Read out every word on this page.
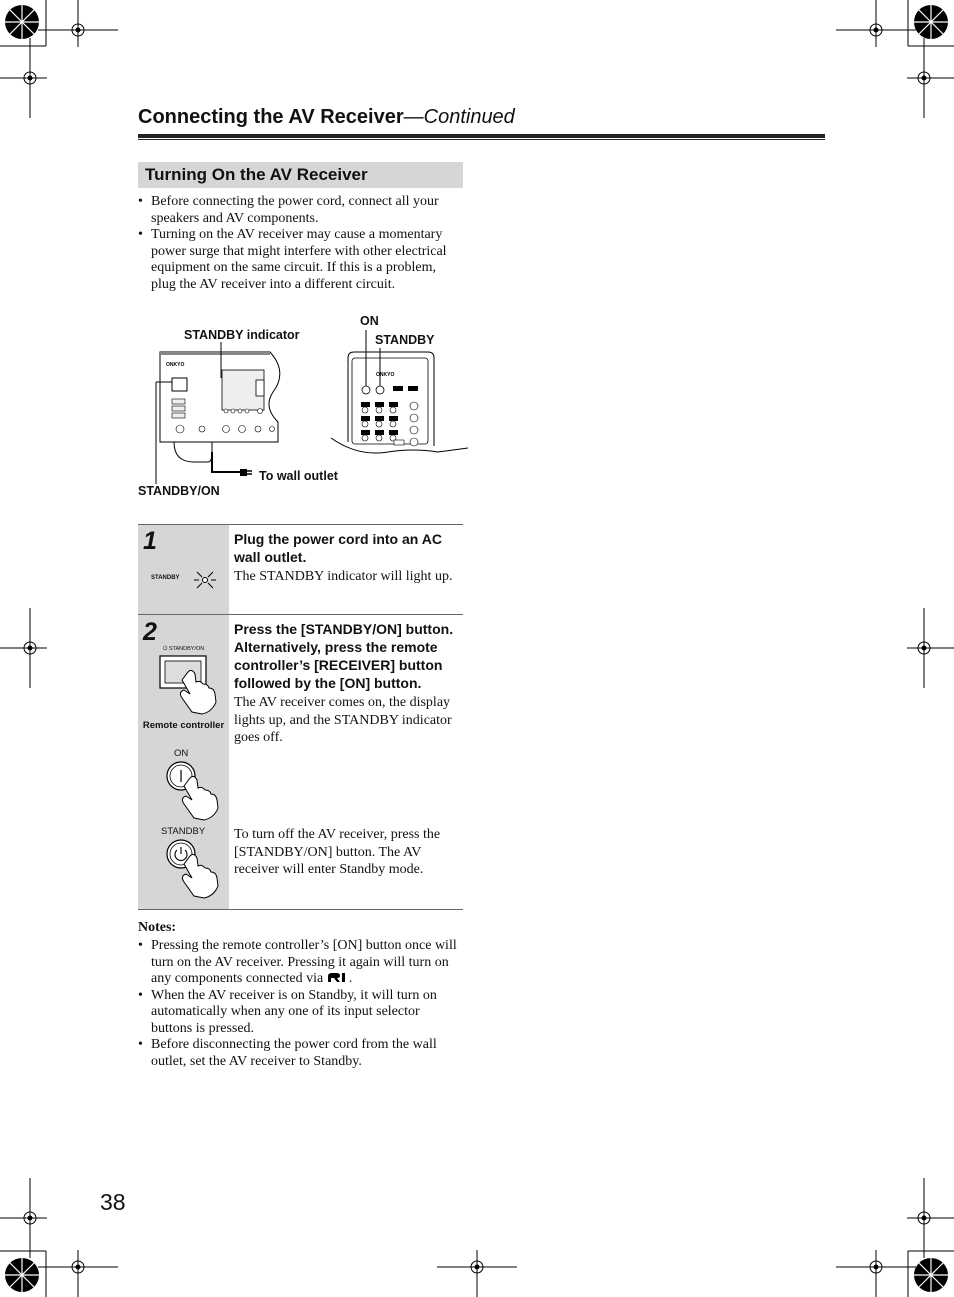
Connecting the AV Receiver—Continued
Turning On the AV Receiver
• Before connecting the power cord, connect all your speakers and AV components.
• Turning on the AV receiver may cause a momentary power surge that might interfere with other electrical equipment on the same circuit. If this is a problem, plug the AV receiver into a different circuit.
ONKYO
ONKYO
STANDBY indicator
ON
STANDBY
To wall outlet
STANDBY/ON
1
STANDBY
Plug the power cord into an AC wall outlet.
The STANDBY indicator will light up.
2
⏻ STANDBY/ON
Remote controller
ON
STANDBY
Press the [STANDBY/ON] button. Alternatively, press the remote controller’s [RECEIVER] button followed by the [ON] button.
The AV receiver comes on, the display lights up, and the STANDBY indicator goes off.
To turn off the AV receiver, press the [STANDBY/ON] button. The AV receiver will enter Standby mode.
Notes:
• Pressing the remote controller’s [ON] button once will turn on the AV receiver. Pressing it again will turn on any components connected via .
• When the AV receiver is on Standby, it will turn on automatically when any one of its input selector buttons is pressed.
• Before disconnecting the power cord from the wall outlet, set the AV receiver to Standby.
38
